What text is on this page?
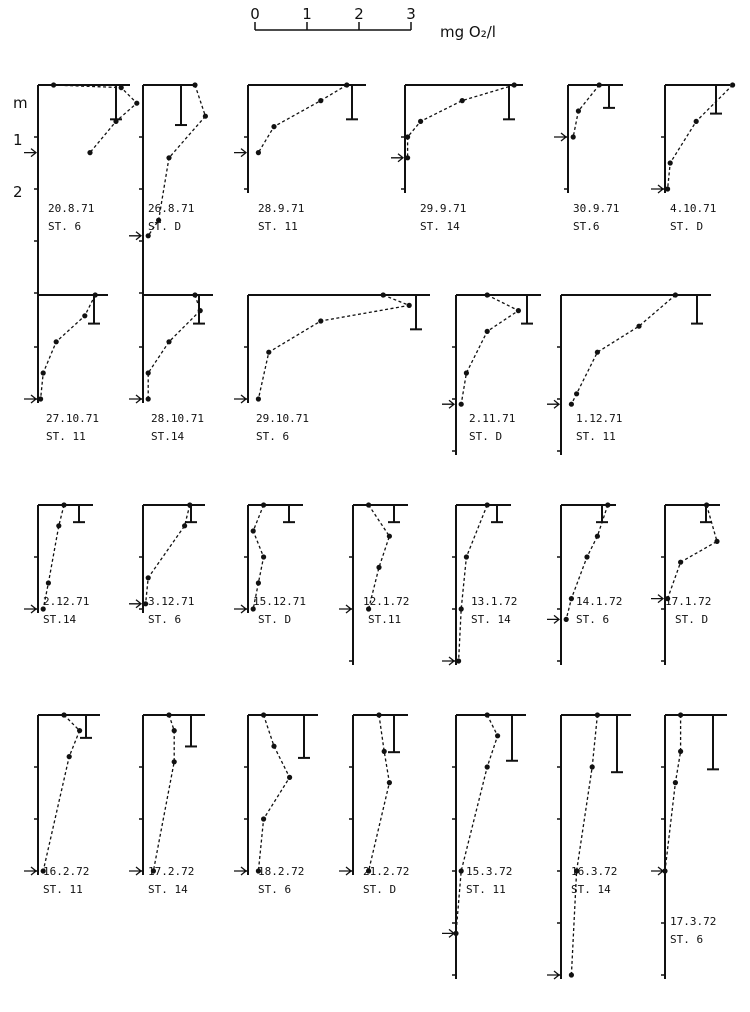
0	1	2	3
mg O₂/l
m
1
2
20.8.71
ST. 6
26.8.71
ST. D
28.9.71
ST. 11
29.9.71
ST. 14
30.9.71
ST.6
4.10.71
ST. D
27.10.71
ST. 11
28.10.71
ST.14
29.10.71
ST. 6
2.11.71
ST. D
1.12.71
ST. 11
2.12.71
ST.14
3.12.71
ST. 6
15.12.71
ST. D
12.1.72
ST.11
13.1.72
ST. 14
14.1.72
ST. 6
17.1.72
ST. D
16.2.72
ST. 11
17.2.72
ST. 14
18.2.72
ST. 6
21.2.72
ST. D
15.3.72
ST. 11
16.3.72
ST. 14
17.3.72
ST. 6
